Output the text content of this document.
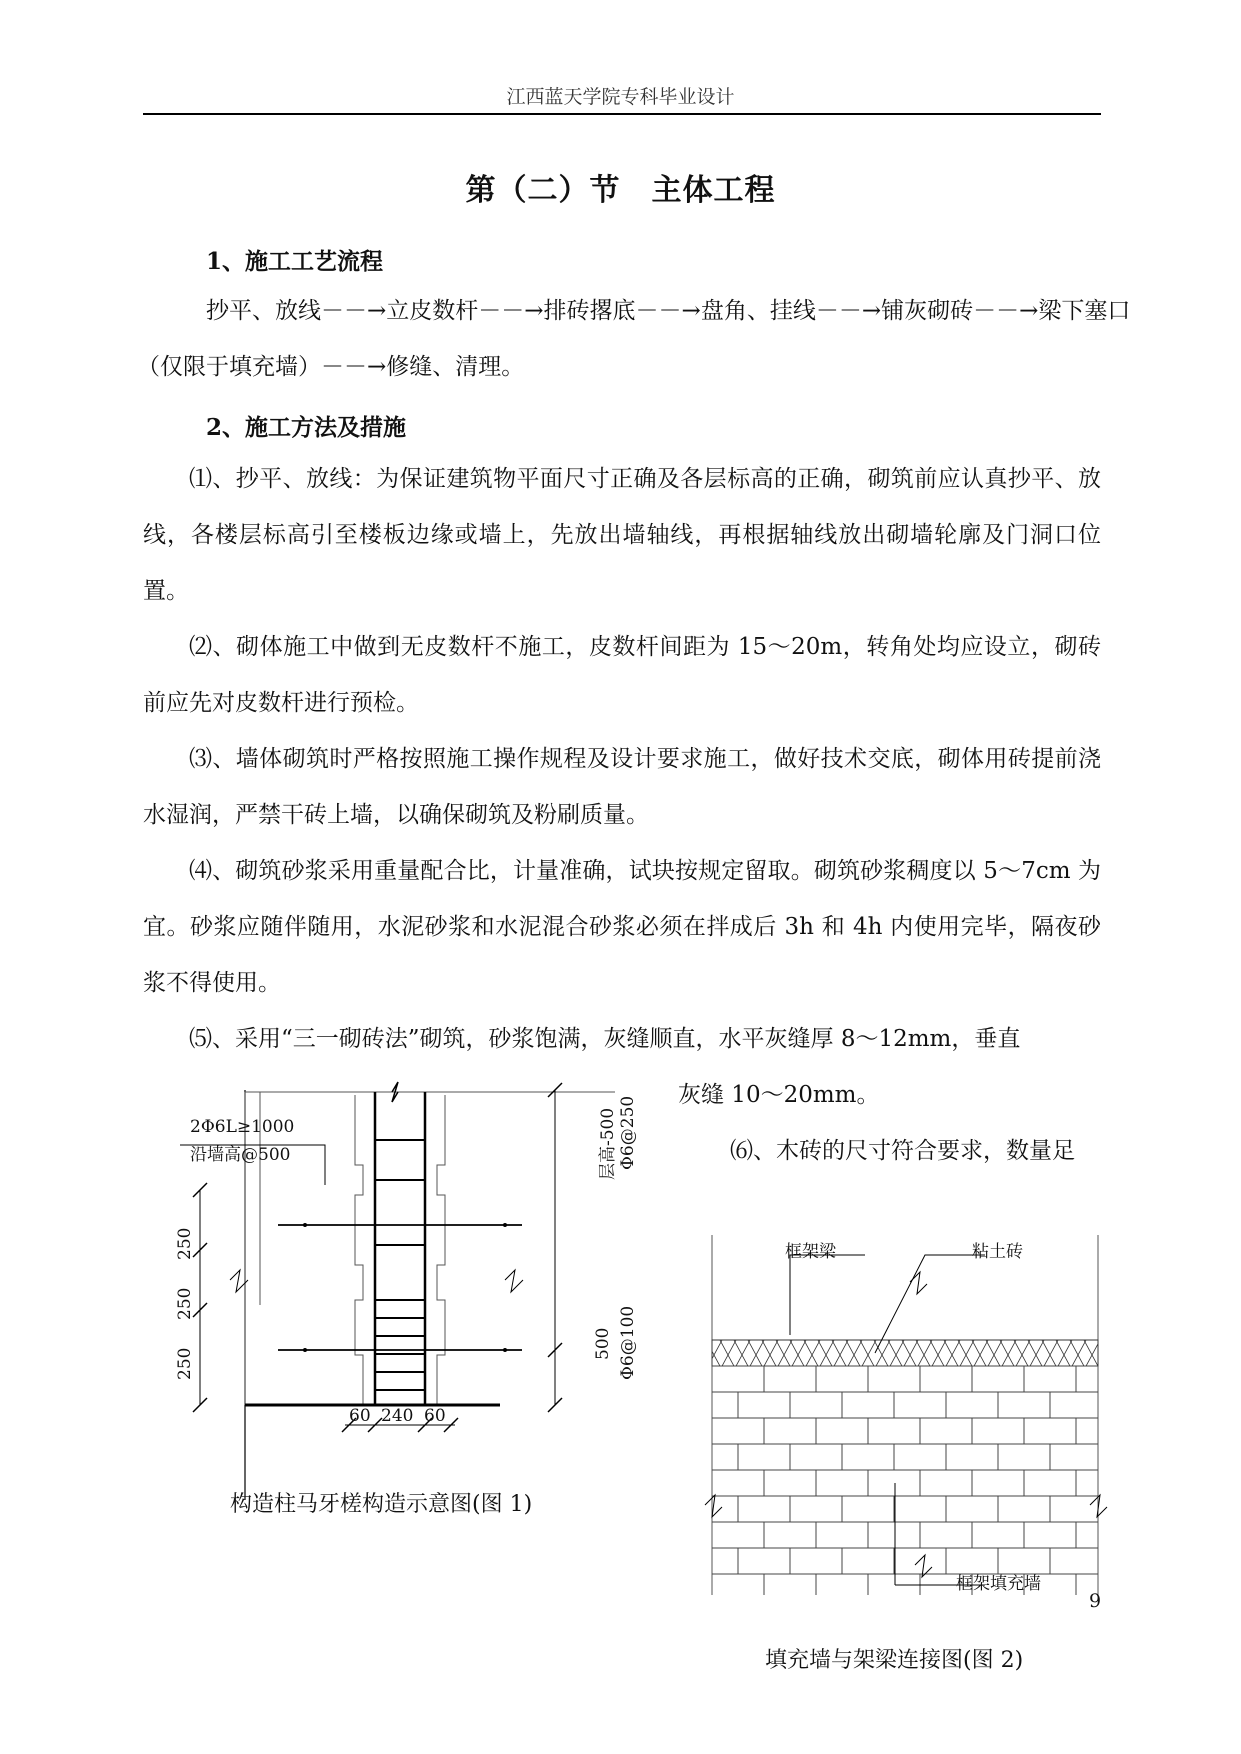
江西蓝天学院专科毕业设计
第（二）节　主体工程
1、施工工艺流程
抄平、放线－－→立皮数杆－－→排砖撂底－－→盘角、挂线－－→铺灰砌砖－－→梁下塞口
（仅限于填充墙）－－→修缝、清理。
2、施工方法及措施
⑴、抄平、放线：为保证建筑物平面尺寸正确及各层标高的正确，砌筑前应认真抄平、放线，各楼层标高引至楼板边缘或墙上，先放出墙轴线，再根据轴线放出砌墙轮廓及门洞口位置。
⑵、砌体施工中做到无皮数杆不施工，皮数杆间距为 15～20m，转角处均应设立，砌砖前应先对皮数杆进行预检。
⑶、墙体砌筑时严格按照施工操作规程及设计要求施工，做好技术交底，砌体用砖提前浇水湿润，严禁干砖上墙，以确保砌筑及粉刷质量。
⑷、砌筑砂浆采用重量配合比，计量准确，试块按规定留取。砌筑砂浆稠度以 5～7cm 为宜。砂浆应随伴随用，水泥砂浆和水泥混合砂浆必须在拌成后 3h 和 4h 内使用完毕，隔夜砂浆不得使用。
⑸、采用“三一砌砖法”砌筑，砂浆饱满，灰缝顺直，水平灰缝厚 8～12mm，垂直
灰缝 10～20mm。
⑹、木砖的尺寸符合要求，数量足
2Φ6L≥1000
沿墙高@500	层高-500 Φ6@250
500 Φ6@100
250
250
250
60 240 60
构造柱马牙槎构造示意图(图 1)
框架梁	粘土砖
框架填充墙
9
填充墙与架梁连接图(图 2)
